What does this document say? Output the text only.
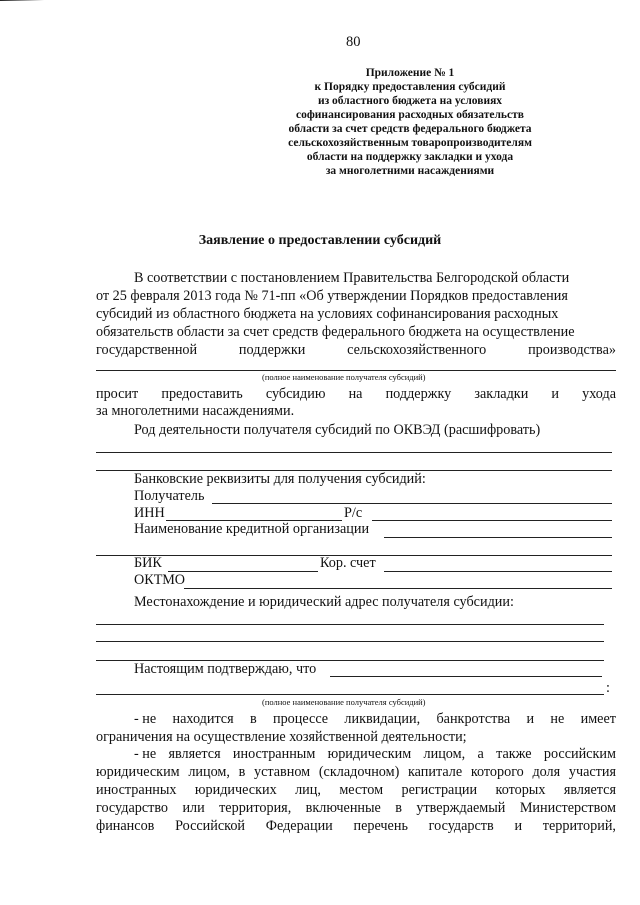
80
Приложение № 1
к Порядку предоставления субсидий
из областного бюджета на условиях
софинансирования расходных обязательств
области за счет средств федерального бюджета
сельскохозяйственным товаропроизводителям
области на поддержку закладки и ухода
за многолетними насаждениями
Заявление о предоставлении субсидий
В соответствии с постановлением Правительства Белгородской области
от 25 февраля 2013 года № 71-пп «Об утверждении Порядков предоставления
субсидий из областного бюджета на условиях софинансирования расходных
обязательств области за счет средств федерального бюджета на осуществление
государственной	поддержки	сельскохозяйственного	производства»
(полное наименование получателя субсидий)
просит предоставить субсидию на поддержку закладки и ухода
за многолетними насаждениями.
Род деятельности получателя субсидий по ОКВЭД (расшифровать)
Банковские реквизиты для получения субсидий:
Получатель
ИНН	Р/с
Наименование кредитной организации
БИК	Кор. счет
ОКТМО
Местонахождение и юридический адрес получателя субсидии:
Настоящим подтверждаю, что
:
(полное наименование получателя субсидий)
- не находится в процессе ликвидации, банкротства и не имеет
ограничения на осуществление хозяйственной деятельности;
- не является иностранным юридическим лицом, а также российским
юридическим лицом, в уставном (складочном) капитале которого доля участия
иностранных юридических лиц, местом регистрации которых является
государство или территория, включенные в утверждаемый Министерством
финансов Российской Федерации перечень государств и территорий,
